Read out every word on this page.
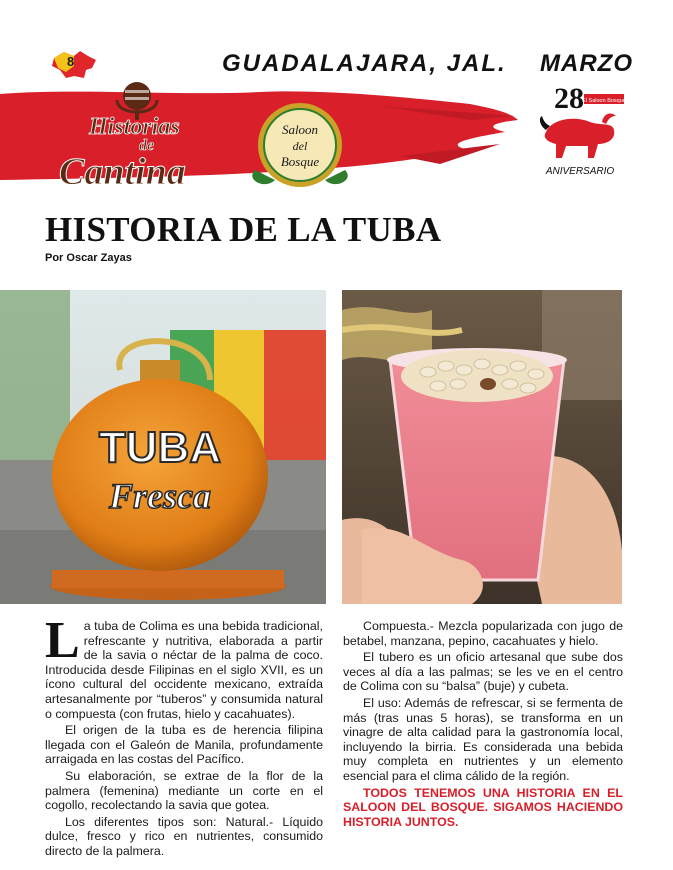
8	GUADALAJARA, JAL. MARZO
Historias
de
Cantina
Saloon
del
Bosque
28
El Saloon Bosque
ANIVERSARIO
HISTORIA DE LA TUBA
Por Oscar Zayas
TUBA
Fresca

La tuba de Colima es una bebida tradicional, refrescante y nutritiva, elaborada a partir de la savia o néctar de la palma de coco. Introducida desde Filipinas en el siglo XVII, es un ícono cultural del occidente mexicano, extraída artesanalmente por “tuberos” y consumida natural o compuesta (con frutas, hielo y cacahuates).

El origen de la tuba es de herencia filipina llegada con el Galeón de Manila, profundamente arraigada en las costas del Pacífico.

Su elaboración, se extrae de la flor de la palmera (femenina) mediante un corte en el cogollo, recolectando la savia que gotea.

Los diferentes tipos son: Natural.- Líquido dulce, fresco y rico en nutrientes, consumido directo de la palmera.

Compuesta.- Mezcla popularizada con jugo de betabel, manzana, pepino, cacahuates y hielo.

El tubero es un oficio artesanal que sube dos veces al día a las palmas; se les ve en el centro de Colima con su “balsa” (buje) y cubeta.

El uso: Además de refrescar, si se fermenta de más (tras unas 5 horas), se transforma en un vinagre de alta calidad para la gastronomía local, incluyendo la birria. Es considerada una bebida muy completa en nutrientes y un elemento esencial para el clima cálido de la región.

TODOS TENEMOS UNA HISTORIA EN EL SALOON DEL BOSQUE. SIGAMOS HACIENDO HISTORIA JUNTOS.
